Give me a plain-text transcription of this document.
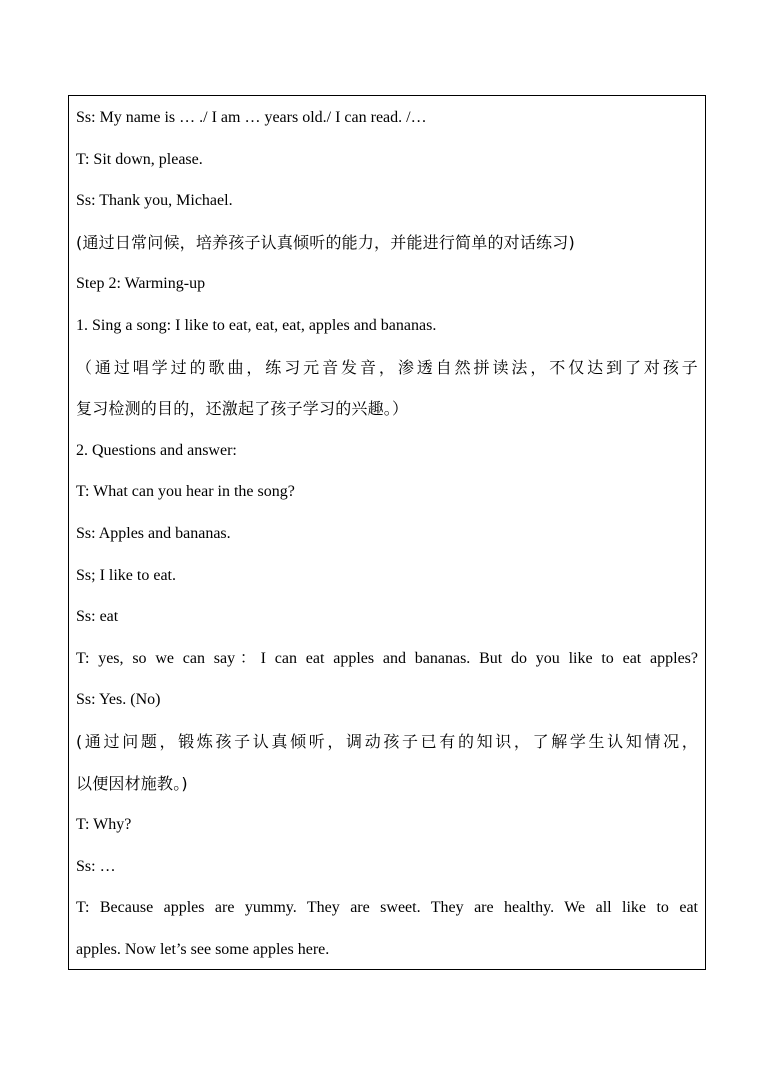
Ss: My name is … ./ I am … years old./ I can read. /…
T: Sit down, please.
Ss: Thank you, Michael.
(通过日常问候，培养孩子认真倾听的能力，并能进行简单的对话练习)
Step 2: Warming-up
1. Sing a song: I like to eat, eat, eat, apples and bananas.
（通过唱学过的歌曲，练习元音发音，渗透自然拼读法，不仅达到了对孩子
复习检测的目的，还激起了孩子学习的兴趣。）
2. Questions and answer:
T: What can you hear in the song?
Ss: Apples and bananas.
Ss; I like to eat.
Ss: eat
T: yes, so we can say：I can eat apples and bananas. But do you like to eat apples?
Ss: Yes. (No)
(通过问题，锻炼孩子认真倾听，调动孩子已有的知识，了解学生认知情况，
以便因材施教。)
T: Why?
Ss: …
T: Because apples are yummy. They are sweet. They are healthy. We all like to eat
apples. Now let’s see some apples here.
